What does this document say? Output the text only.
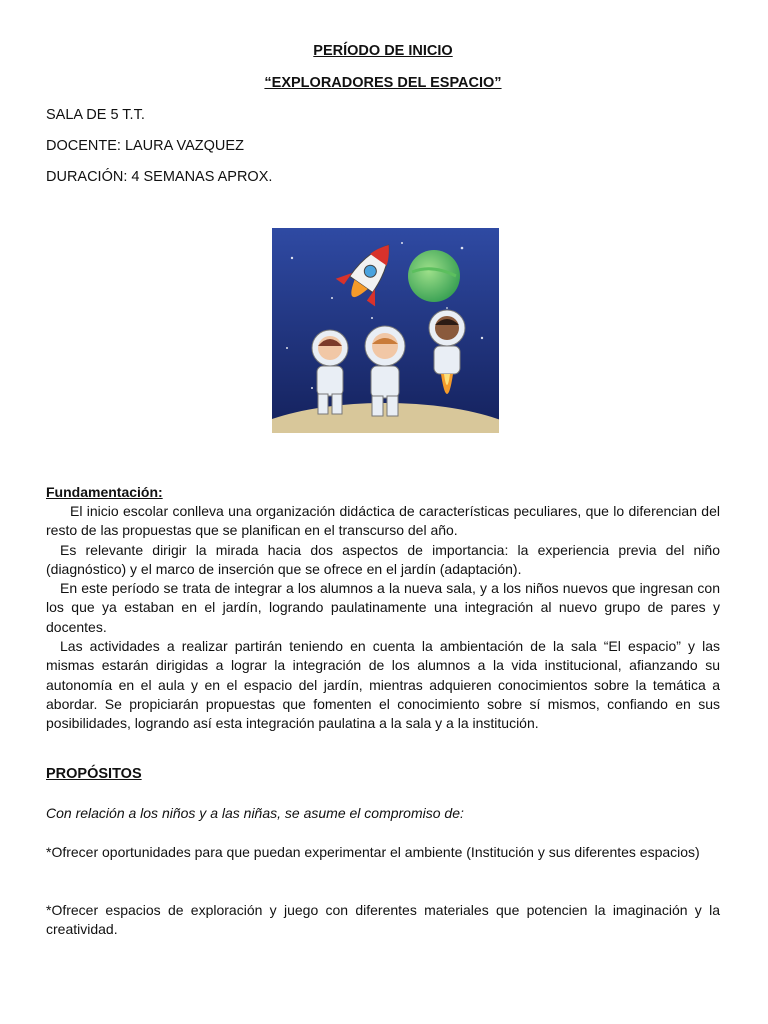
PERÍODO DE INICIO
“EXPLORADORES DEL ESPACIO”
SALA DE 5 T.T.
DOCENTE: LAURA VAZQUEZ
DURACIÓN: 4 SEMANAS APROX.
Fundamentación:
El inicio escolar conlleva una organización didáctica de características peculiares, que lo diferencian del resto de las propuestas que se planifican en el transcurso del año.
Es relevante dirigir la mirada hacia dos aspectos de importancia: la experiencia previa del niño (diagnóstico) y el marco de inserción que se ofrece en el jardín (adaptación).
En este período se trata de integrar a los alumnos a la nueva sala, y a los niños nuevos que ingresan con los que ya estaban en el jardín, logrando paulatinamente una integración al nuevo grupo de pares y docentes.
Las actividades a realizar partirán teniendo en cuenta la ambientación de la sala “El espacio” y las mismas estarán dirigidas a lograr la integración de los alumnos a la vida institucional, afianzando su autonomía en el aula y en el espacio del jardín, mientras adquieren conocimientos sobre la temática a abordar. Se propiciarán propuestas que fomenten el conocimiento sobre sí mismos, confiando en sus posibilidades, logrando así esta integración paulatina a la sala y a la institución.
PROPÓSITOS
Con relación a los niños y a las niñas, se asume el compromiso de:
*Ofrecer oportunidades para que puedan experimentar el ambiente (Institución y sus diferentes espacios)
*Ofrecer espacios de exploración y juego con diferentes materiales que potencien la imaginación y la creatividad.
